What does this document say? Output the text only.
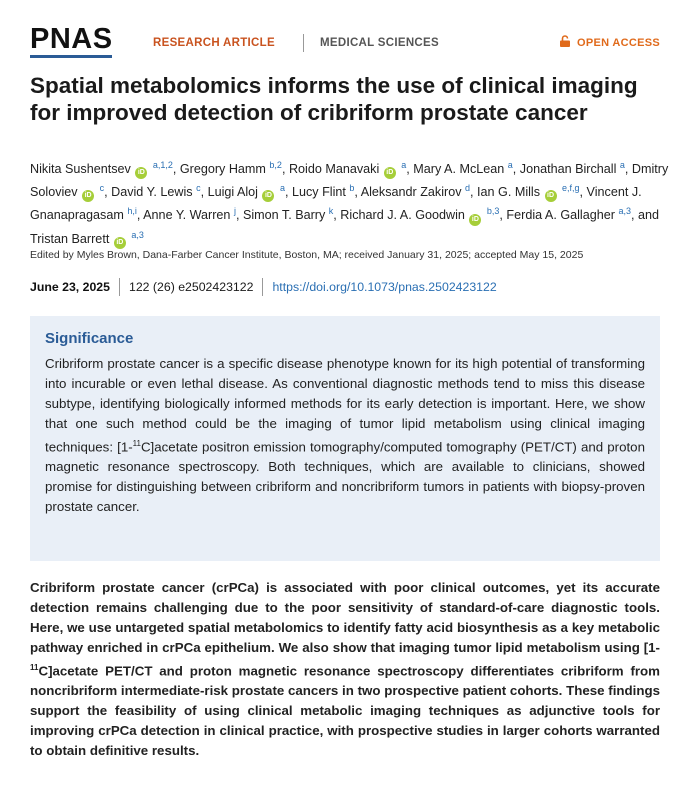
PNAS	RESEARCH ARTICLE	MEDICAL SCIENCES	OPEN ACCESS
Spatial metabolomics informs the use of clinical imaging for improved detection of cribriform prostate cancer
Nikita Sushentsev iD $^{a,1,2}$, Gregory Hamm $^{b,2}$, Roido Manavaki iD $^a$, Mary A. McLean $^a$, Jonathan Birchall $^a$, Dmitry Soloviev iD $^c$, David Y. Lewis $^c$, Luigi Aloj iD $^a$, Lucy Flint $^b$, Aleksandr Zakirov $^d$, Ian G. Mills iD $^{e,f,g}$, Vincent J. Gnanapragasam $^{h,i}$, Anne Y. Warren $^j$, Simon T. Barry $^k$, Richard J. A. Goodwin iD $^{b,3}$, Ferdia A. Gallagher $^{a,3}$, and Tristan Barrett iD $^{a,3}$
Edited by Myles Brown, Dana-Farber Cancer Institute, Boston, MA; received January 31, 2025; accepted May 15, 2025
June 23, 2025 122 (26) e2502423122 https://doi.org/10.1073/pnas.2502423122
Significance

Cribriform prostate cancer is a specific disease phenotype known for its high potential of transforming into incurable or even lethal disease. As conventional diagnostic methods tend to miss this disease subtype, identifying biologically informed methods for its early detection is important. Here, we show that one such method could be the imaging of tumor lipid metabolism using clinical imaging techniques: [1-$^{11}$C]acetate positron emission tomography/computed tomography (PET/CT) and proton magnetic resonance spectroscopy. Both techniques, which are available to clinicians, showed promise for distinguishing between cribriform and noncribriform tumors in patients with biopsy-proven prostate cancer.

Cribriform prostate cancer (crPCa) is associated with poor clinical outcomes, yet its accurate detection remains challenging due to the poor sensitivity of standard-of-care diagnostic tools. Here, we use untargeted spatial metabolomics to identify fatty acid biosynthesis as a key metabolic pathway enriched in crPCa epithelium. We also show that imaging tumor lipid metabolism using [1-$^{11}$C]acetate PET/CT and proton magnetic resonance spectroscopy differentiates cribriform from noncribriform intermediate-risk prostate cancers in two prospective patient cohorts. These findings support the feasibility of using clinical metabolic imaging techniques as adjunctive tools for improving crPCa detection in clinical practice, with prospective studies in larger cohorts warranted to obtain definitive results.
